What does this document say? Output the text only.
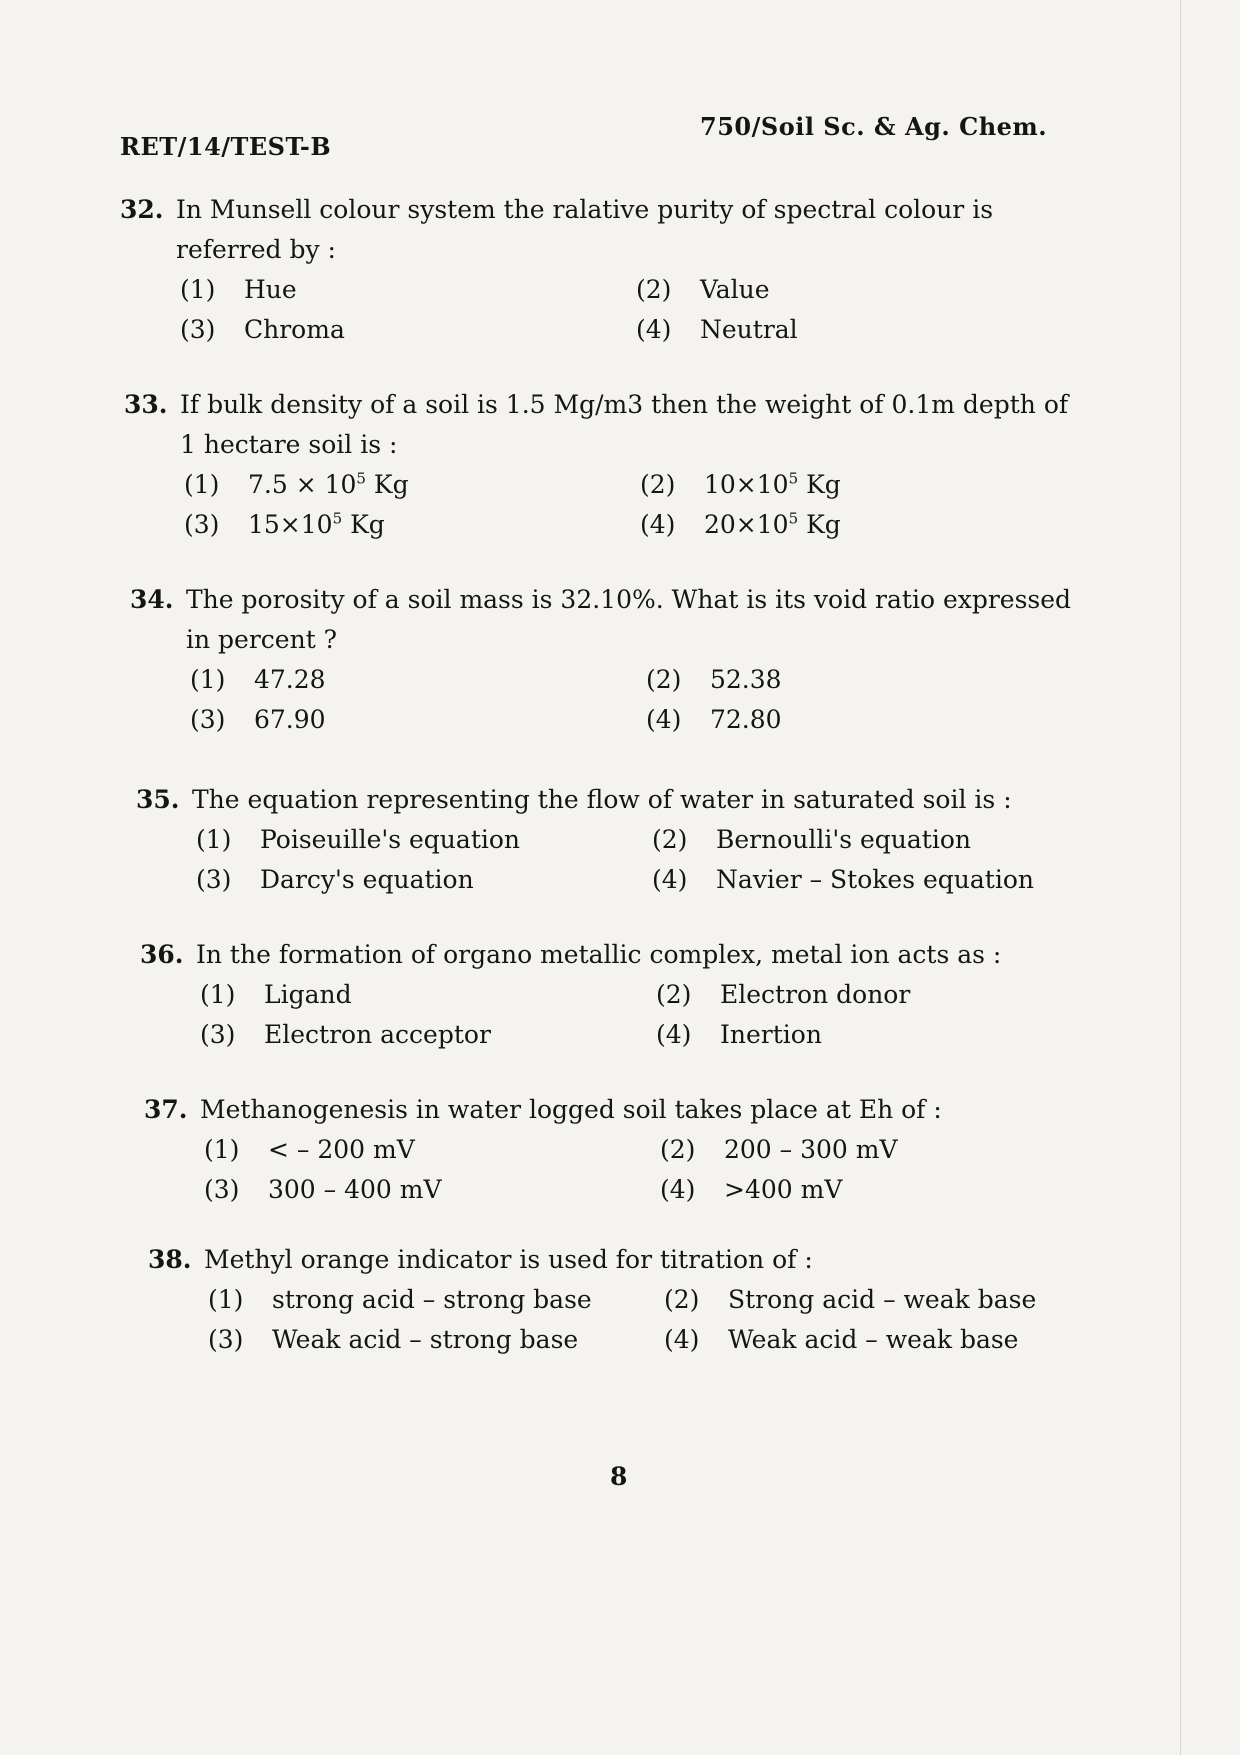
RET/14/TEST-B
750/Soil Sc. & Ag. Chem.
32. In Munsell colour system the ralative purity of spectral colour is referred by :
(1)	Hue	(2)	Value
(3)	Chroma	(4)	Neutral
33. If bulk density of a soil is 1.5 Mg/m3 then the weight of 0.1m depth of 1 hectare soil is :
(1)	$7.5 \times 10^5$ Kg	(2)	$10\times 10^5$ Kg
(3)	$15\times 10^5$ Kg	(4)	$20\times 10^5$ Kg
34. The porosity of a soil mass is 32.10%. What is its void ratio expressed in percent ?
(1)	47.28	(2)	52.38
(3)	67.90	(4)	72.80
35. The equation representing the flow of water in saturated soil is :
(1)	Poiseuille's equation	(2)	Bernoulli's equation
(3)	Darcy's equation	(4)	Navier – Stokes equation
36. In the formation of organo metallic complex, metal ion acts as :
(1)	Ligand	(2)	Electron donor
(3)	Electron acceptor	(4)	Inertion
37. Methanogenesis in water logged soil takes place at Eh of :
(1)	< – 200 mV	(2)	200 – 300 mV
(3)	300 – 400 mV	(4)	>400 mV
38. Methyl orange indicator is used for titration of :
(1)	strong acid – strong base	(2)	Strong acid – weak base
(3)	Weak acid – strong base	(4)	Weak acid – weak base
8
